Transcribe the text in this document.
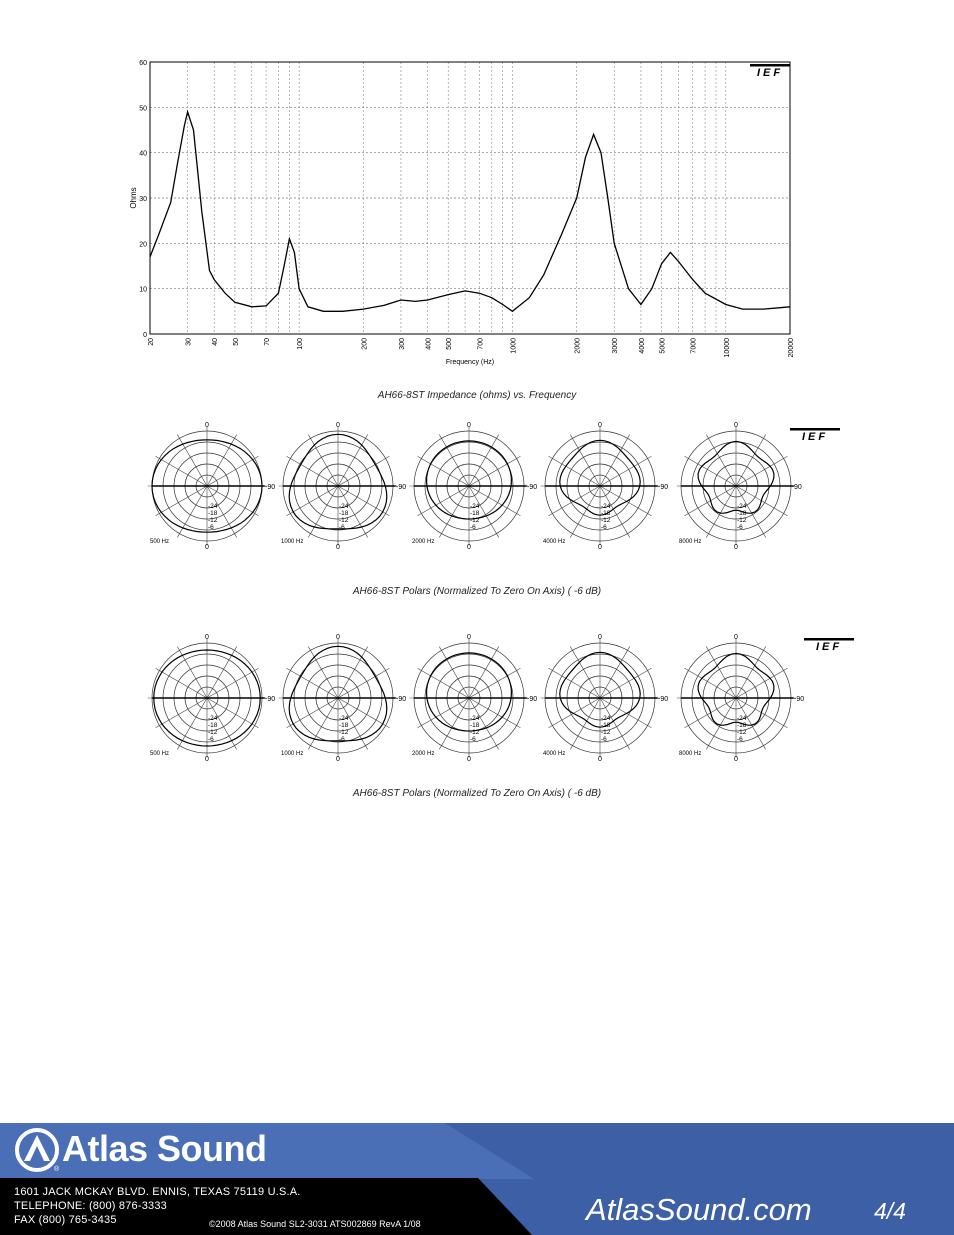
0
10
20
30
40
50
60
20	30	40 50	70	100	200	300	400 500	700	1000	2000	3000	4000 5000	7000	10000	20000
Ohms
Frequency (Hz)
IEF
AH66-8ST Impedance (ohms) vs. Frequency
0
-90
0
-24
-18
-12
-6
500 Hz
0
-90
0
-24
-18
-12
-6
1000 Hz
0
-90
0
-24
-18
-12
-6
2000 Hz
0
-90
0
-24
-18
-12
-6
4000 Hz
0
90
0
-24
-18
-12
-6
8000 Hz
IEF
AH66-8ST Polars (Normalized To Zero On Axis) ( -6 dB)
0
-90
0
-24
-18
-12
-6
500 Hz
0
-90
0
-24
-18
-12
-6
1000 Hz
0
-90
0
-24
-18
-12
-6
2000 Hz
0
-90
0
-24
-18
-12
-6
4000 Hz
0
-90
0
-24
-18
-12
-6
8000 Hz
IEF
AH66-8ST Polars (Normalized To Zero On Axis) ( -6 dB)
®
Atlas Sound
1601 JACK MCKAY BLVD. ENNIS, TEXAS 75119 U.S.A.
TELEPHONE: (800) 876-3333
FAX (800) 765-3435	©2008 Atlas Sound SL2-3031 ATS002869 RevA 1/08	AtlasSound.com	4/4
